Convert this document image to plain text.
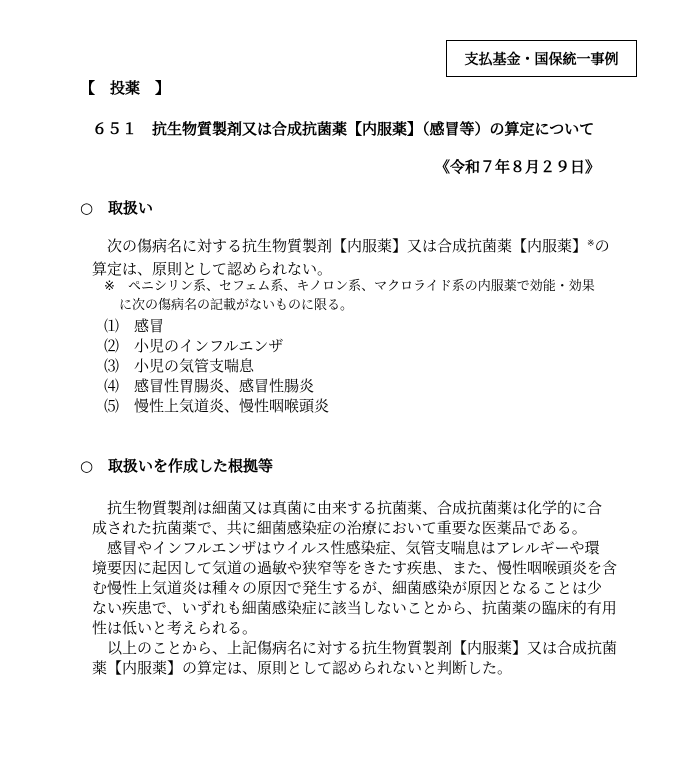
支払基金・国保統一事例
【　投薬　】
６５１ 抗生物質製剤又は合成抗菌薬【内服薬】（感冒等）の算定について
《令和７年８月２９日》
○ 取扱い
次の傷病名に対する抗生物質製剤【内服薬】又は合成抗菌薬【内服薬】※の
算定は、原則として認められない。
※ ペニシリン系、セフェム系、キノロン系、マクロライド系の内服薬で効能・効果
に次の傷病名の記載がないものに限る。
⑴ 感冒
⑵ 小児のインフルエンザ
⑶ 小児の気管支喘息
⑷ 感冒性胃腸炎、感冒性腸炎
⑸ 慢性上気道炎、慢性咽喉頭炎
○ 取扱いを作成した根拠等
抗生物質製剤は細菌又は真菌に由来する抗菌薬、合成抗菌薬は化学的に合
成された抗菌薬で、共に細菌感染症の治療において重要な医薬品である。
感冒やインフルエンザはウイルス性感染症、気管支喘息はアレルギーや環
境要因に起因して気道の過敏や狭窄等をきたす疾患、また、慢性咽喉頭炎を含
む慢性上気道炎は種々の原因で発生するが、細菌感染が原因となることは少
ない疾患で、いずれも細菌感染症に該当しないことから、抗菌薬の臨床的有用
性は低いと考えられる。
以上のことから、上記傷病名に対する抗生物質製剤【内服薬】又は合成抗菌
薬【内服薬】の算定は、原則として認められないと判断した。
